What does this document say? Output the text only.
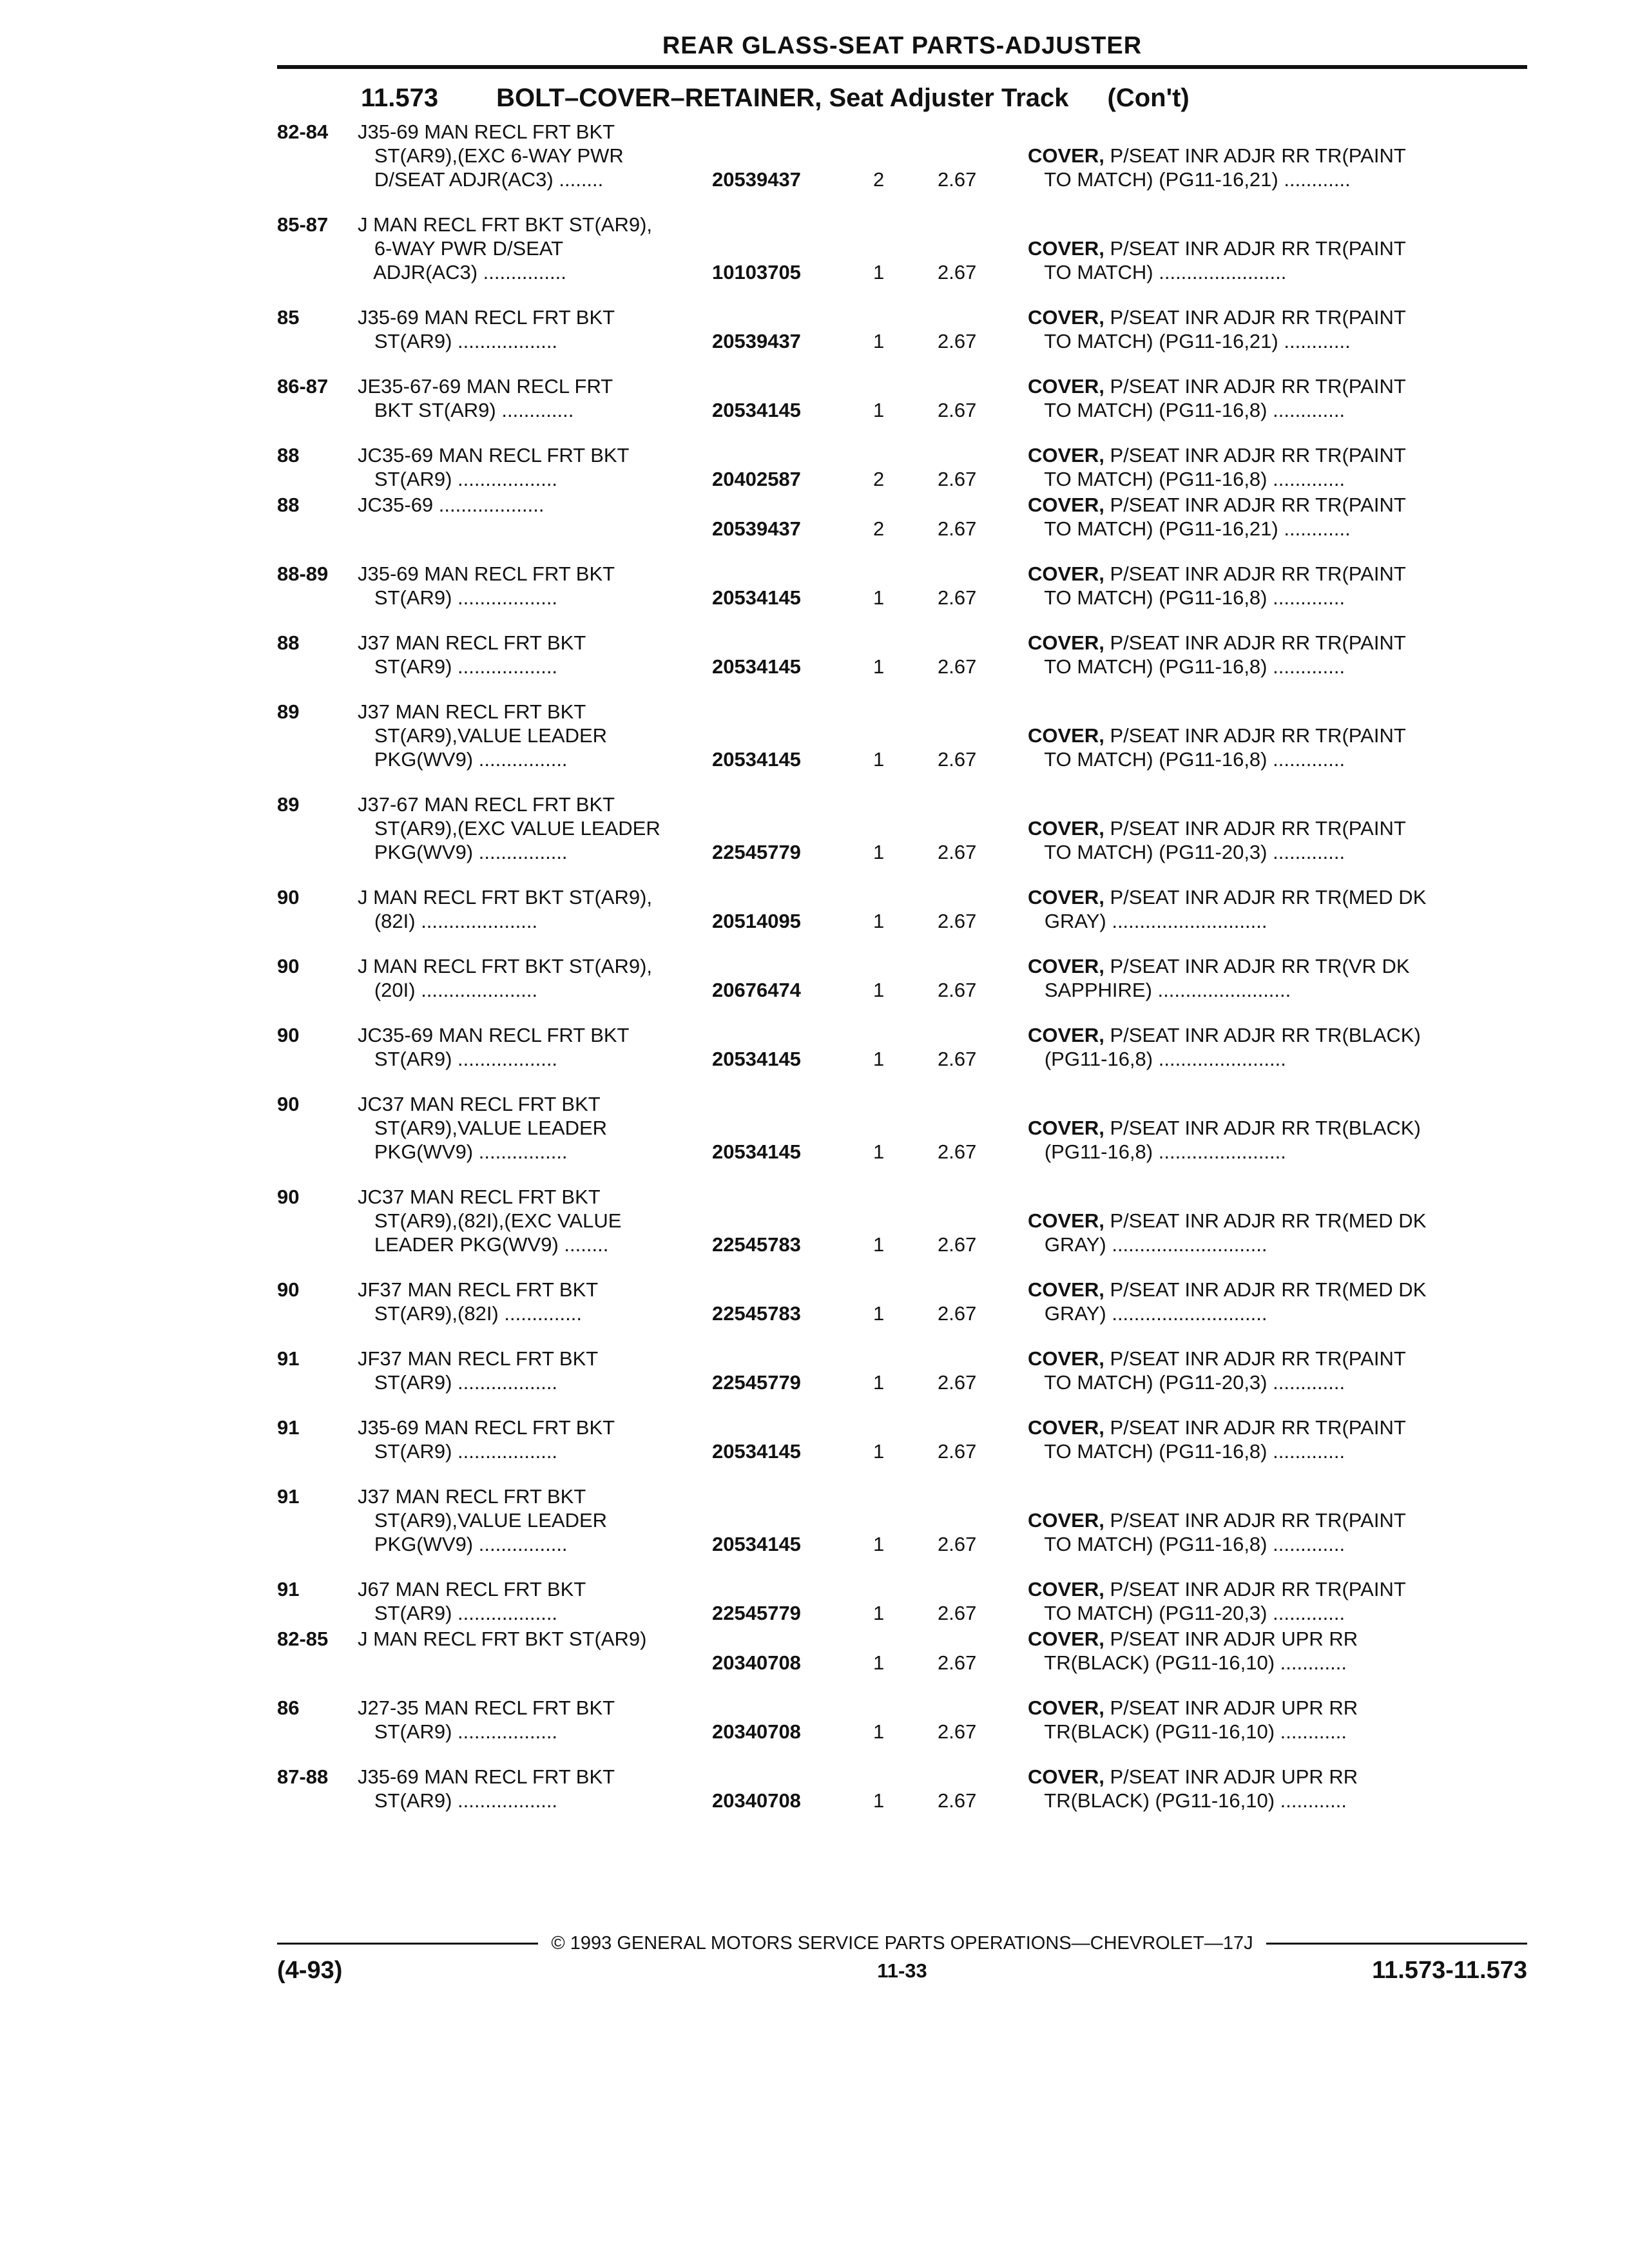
REAR GLASS-SEAT PARTS-ADJUSTER
11.573 BOLT–COVER–RETAINER, Seat Adjuster Track (Con't)
82-84	J35-69 MAN RECL FRT BKT
ST(AR9),(EXC 6-WAY PWR
D/SEAT ADJR(AC3) ........	20539437	2	2.67
COVER, P/SEAT INR ADJR RR TR(PAINT
TO MATCH) (PG11-16,21) ............
85-87	J MAN RECL FRT BKT ST(AR9),
6-WAY PWR D/SEAT
ADJR(AC3) ...............	10103705	1	2.67
COVER, P/SEAT INR ADJR RR TR(PAINT
TO MATCH) .......................
85	J35-69 MAN RECL FRT BKT
ST(AR9) ..................	20539437	1	2.67
COVER, P/SEAT INR ADJR RR TR(PAINT
TO MATCH) (PG11-16,21) ............
86-87	JE35-67-69 MAN RECL FRT
BKT ST(AR9) .............	20534145	1	2.67
COVER, P/SEAT INR ADJR RR TR(PAINT
TO MATCH) (PG11-16,8) .............
88	JC35-69 MAN RECL FRT BKT
ST(AR9) ..................	20402587	2	2.67
COVER, P/SEAT INR ADJR RR TR(PAINT
TO MATCH) (PG11-16,8) .............
88	JC35-69 ...................
20539437	2	2.67
COVER, P/SEAT INR ADJR RR TR(PAINT
TO MATCH) (PG11-16,21) ............
88-89	J35-69 MAN RECL FRT BKT
ST(AR9) ..................	20534145	1	2.67
COVER, P/SEAT INR ADJR RR TR(PAINT
TO MATCH) (PG11-16,8) .............
88	J37 MAN RECL FRT BKT
ST(AR9) ..................	20534145	1	2.67
COVER, P/SEAT INR ADJR RR TR(PAINT
TO MATCH) (PG11-16,8) .............
89	J37 MAN RECL FRT BKT
ST(AR9),VALUE LEADER
PKG(WV9) ................	20534145	1	2.67
COVER, P/SEAT INR ADJR RR TR(PAINT
TO MATCH) (PG11-16,8) .............
89	J37-67 MAN RECL FRT BKT
ST(AR9),(EXC VALUE LEADER
PKG(WV9) ................	22545779	1	2.67
COVER, P/SEAT INR ADJR RR TR(PAINT
TO MATCH) (PG11-20,3) .............
90	J MAN RECL FRT BKT ST(AR9),
(82I) .....................	20514095	1	2.67
COVER, P/SEAT INR ADJR RR TR(MED DK
GRAY) ............................
90	J MAN RECL FRT BKT ST(AR9),
(20I) .....................	20676474	1	2.67
COVER, P/SEAT INR ADJR RR TR(VR DK
SAPPHIRE) ........................
90	JC35-69 MAN RECL FRT BKT
ST(AR9) ..................	20534145	1	2.67
COVER, P/SEAT INR ADJR RR TR(BLACK)
(PG11-16,8) .......................
90	JC37 MAN RECL FRT BKT
ST(AR9),VALUE LEADER
PKG(WV9) ................	20534145	1	2.67
COVER, P/SEAT INR ADJR RR TR(BLACK)
(PG11-16,8) .......................
90	JC37 MAN RECL FRT BKT
ST(AR9),(82I),(EXC VALUE
LEADER PKG(WV9) ........	22545783	1	2.67
COVER, P/SEAT INR ADJR RR TR(MED DK
GRAY) ............................
90	JF37 MAN RECL FRT BKT
ST(AR9),(82I) ..............	22545783	1	2.67
COVER, P/SEAT INR ADJR RR TR(MED DK
GRAY) ............................
91	JF37 MAN RECL FRT BKT
ST(AR9) ..................	22545779	1	2.67
COVER, P/SEAT INR ADJR RR TR(PAINT
TO MATCH) (PG11-20,3) .............
91	J35-69 MAN RECL FRT BKT
ST(AR9) ..................	20534145	1	2.67
COVER, P/SEAT INR ADJR RR TR(PAINT
TO MATCH) (PG11-16,8) .............
91	J37 MAN RECL FRT BKT
ST(AR9),VALUE LEADER
PKG(WV9) ................	20534145	1	2.67
COVER, P/SEAT INR ADJR RR TR(PAINT
TO MATCH) (PG11-16,8) .............
91	J67 MAN RECL FRT BKT
ST(AR9) ..................	22545779	1	2.67
COVER, P/SEAT INR ADJR RR TR(PAINT
TO MATCH) (PG11-20,3) .............
82-85	J MAN RECL FRT BKT ST(AR9)
20340708	1	2.67
COVER, P/SEAT INR ADJR UPR RR
TR(BLACK) (PG11-16,10) ............
86	J27-35 MAN RECL FRT BKT
ST(AR9) ..................	20340708	1	2.67
COVER, P/SEAT INR ADJR UPR RR
TR(BLACK) (PG11-16,10) ............
87-88	J35-69 MAN RECL FRT BKT
ST(AR9) ..................	20340708	1	2.67
COVER, P/SEAT INR ADJR UPR RR
TR(BLACK) (PG11-16,10) ............
© 1993 GENERAL MOTORS SERVICE PARTS OPERATIONS—CHEVROLET—17J
(4-93)	11-33	11.573-11.573
